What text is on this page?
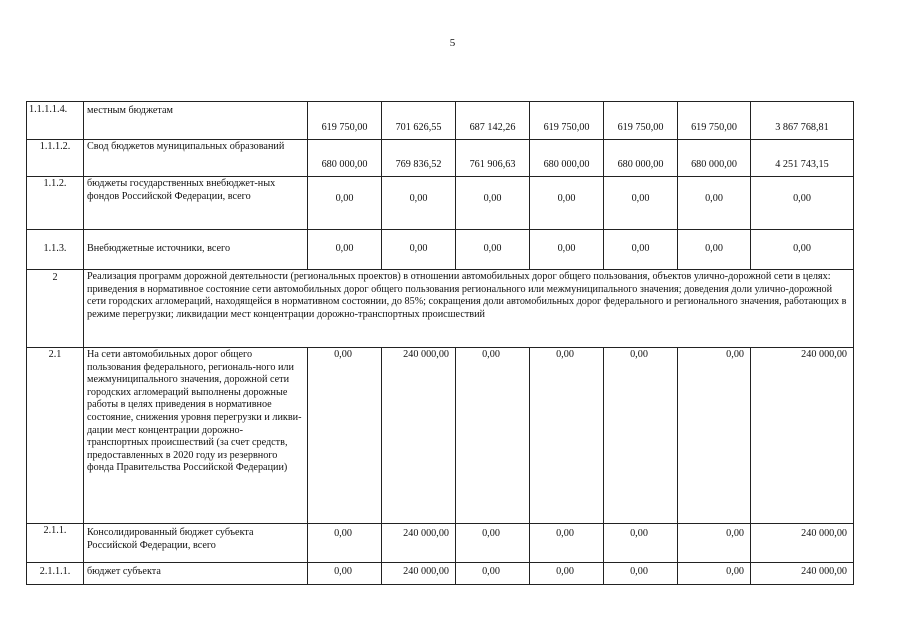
5
1.1.1.1.4.	местным бюджетам	619 750,00	701 626,55	687 142,26	619 750,00	619 750,00	619 750,00	3 867 768,81
1.1.1.2.	Свод бюджетов муниципальных образований	680 000,00	769 836,52	761 906,63	680 000,00	680 000,00	680 000,00	4 251 743,15
1.1.2.	бюджеты государственных внебюджет-ных фондов Российской Федерации, всего	0,00	0,00	0,00	0,00	0,00	0,00	0,00
1.1.3.	Внебюджетные источники, всего	0,00	0,00	0,00	0,00	0,00	0,00	0,00
2	Реализация программ дорожной деятельности (региональных проектов) в отношении автомобильных дорог общего пользования, объектов улично-дорожной сети в целях: приведения в нормативное состояние сети автомобильных дорог общего пользования регионального или межмуниципального значения; доведения доли улично-дорожной сети городских агломераций, находящейся в нормативном состоянии, до 85%; сокращения доли автомобильных дорог федерального и регионального значения, работающих в режиме перегрузки; ликвидации мест концентрации дорожно-транспортных происшествий							
2.1	На сети автомобильных дорог общего пользования федерального, региональ-ного или межмуниципального значения, дорожной сети городских агломераций выполнены дорожные работы в целях приведения в нормативное состояние, снижения уровня перегрузки и ликви-дации мест концентрации дорожно-транспортных происшествий (за счет средств, предоставленных в 2020 году из резервного фонда Правительства Российской Федерации)	0,00	240 000,00	0,00	0,00	0,00	0,00	240 000,00
2.1.1.	Консолидированный бюджет субъекта Российской Федерации, всего	0,00	240 000,00	0,00	0,00	0,00	0,00	240 000,00
2.1.1.1.	бюджет субъекта	0,00	240 000,00	0,00	0,00	0,00	0,00	240 000,00
